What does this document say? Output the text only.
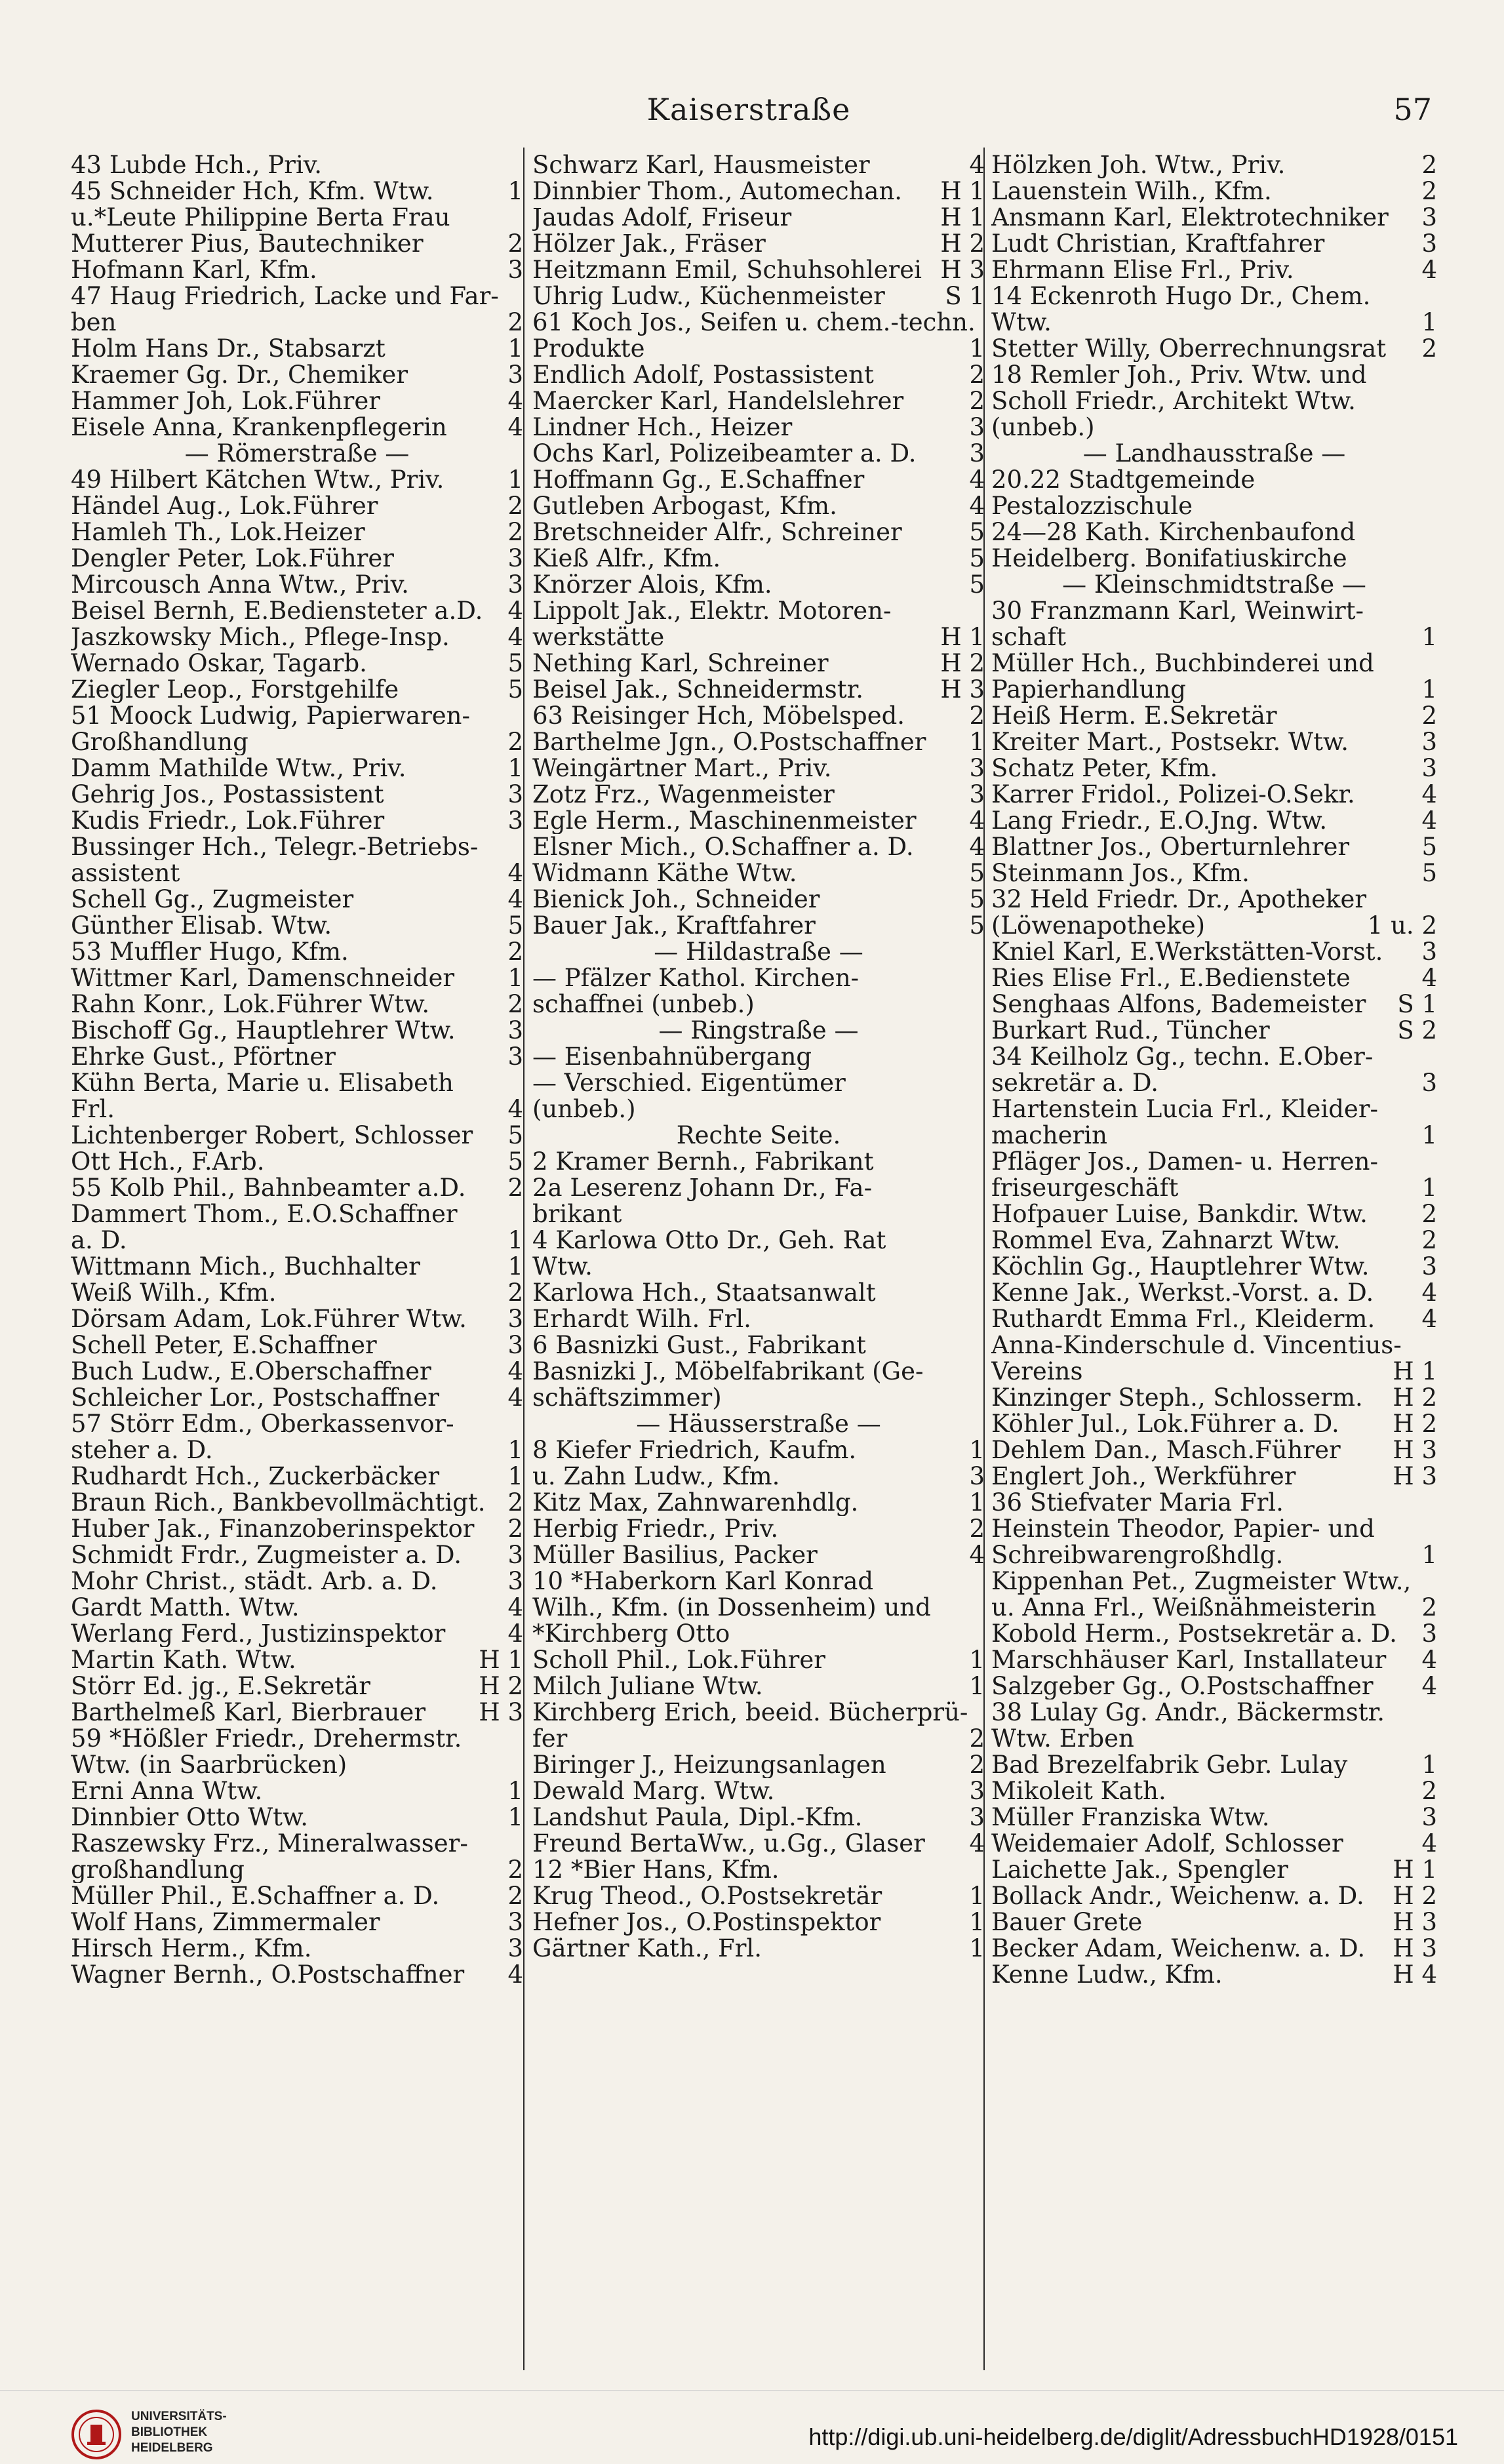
Kaiserstraße	57
43 Lubde Hch., Priv.
45 Schneider Hch, Kfm. Wtw.	1
u.*Leute Philippine Berta Frau
Mutterer Pius, Bautechniker	2
Hofmann Karl, Kfm.	3
47 Haug Friedrich, Lacke und Far-
ben	2
Holm Hans Dr., Stabsarzt	1
Kraemer Gg. Dr., Chemiker	3
Hammer Joh, Lok.Führer	4
Eisele Anna, Krankenpflegerin	4
— Römerstraße —
49 Hilbert Kätchen Wtw., Priv.	1
Händel Aug., Lok.Führer	2
Hamleh Th., Lok.Heizer	2
Dengler Peter, Lok.Führer	3
Mircousch Anna Wtw., Priv.	3
Beisel Bernh, E.Bediensteter a.D.	4
Jaszkowsky Mich., Pflege-Insp.	4
Wernado Oskar, Tagarb.	5
Ziegler Leop., Forstgehilfe	5
51 Moock Ludwig, Papierwaren-
Großhandlung	2
Damm Mathilde Wtw., Priv.	1
Gehrig Jos., Postassistent	3
Kudis Friedr., Lok.Führer	3
Bussinger Hch., Telegr.-Betriebs-
assistent	4
Schell Gg., Zugmeister	4
Günther Elisab. Wtw.	5
53 Muffler Hugo, Kfm.	2
Wittmer Karl, Damenschneider	1
Rahn Konr., Lok.Führer Wtw.	2
Bischoff Gg., Hauptlehrer Wtw.	3
Ehrke Gust., Pförtner	3
Kühn Berta, Marie u. Elisabeth
Frl.	4
Lichtenberger Robert, Schlosser	5
Ott Hch., F.Arb.	5
55 Kolb Phil., Bahnbeamter a.D.	2
Dammert Thom., E.O.Schaffner
a. D.	1
Wittmann Mich., Buchhalter	1
Weiß Wilh., Kfm.	2
Dörsam Adam, Lok.Führer Wtw.	3
Schell Peter, E.Schaffner	3
Buch Ludw., E.Oberschaffner	4
Schleicher Lor., Postschaffner	4
57 Störr Edm., Oberkassenvor-
steher a. D.	1
Rudhardt Hch., Zuckerbäcker	1
Braun Rich., Bankbevollmächtigt. 2
Huber Jak., Finanzoberinspektor	2
Schmidt Frdr., Zugmeister a. D.	3
Mohr Christ., städt. Arb. a. D.	3
Gardt Matth. Wtw.	4
Werlang Ferd., Justizinspektor	4
Martin Kath. Wtw.	H 1
Störr Ed. jg., E.Sekretär	H 2
Barthelmeß Karl, Bierbrauer	H 3
59 *Hößler Friedr., Drehermstr.
Wtw. (in Saarbrücken)
Erni Anna Wtw.	1
Dinnbier Otto Wtw.	1
Raszewsky Frz., Mineralwasser-
großhandlung	2
Müller Phil., E.Schaffner a. D.	2
Wolf Hans, Zimmermaler	3
Hirsch Herm., Kfm.	3
Wagner Bernh., O.Postschaffner	4
Schwarz Karl, Hausmeister	4
Dinnbier Thom., Automechan.	H 1
Jaudas Adolf, Friseur	H 1
Hölzer Jak., Fräser	H 2
Heitzmann Emil, Schuhsohlerei H 3
Uhrig Ludw., Küchenmeister	S 1
61 Koch Jos., Seifen u. chem.-techn.
Produkte	1
Endlich Adolf, Postassistent	2
Maercker Karl, Handelslehrer	2
Lindner Hch., Heizer	3
Ochs Karl, Polizeibeamter a. D.	3
Hoffmann Gg., E.Schaffner	4
Gutleben Arbogast, Kfm.	4
Bretschneider Alfr., Schreiner	5
Kieß Alfr., Kfm.	5
Knörzer Alois, Kfm.	5
Lippolt Jak., Elektr. Motoren-
werkstätte	H 1
Nething Karl, Schreiner	H 2
Beisel Jak., Schneidermstr.	H 3
63 Reisinger Hch, Möbelsped.	2
Barthelme Jgn., O.Postschaffner	1
Weingärtner Mart., Priv.	3
Zotz Frz., Wagenmeister	3
Egle Herm., Maschinenmeister	4
Elsner Mich., O.Schaffner a. D.	4
Widmann Käthe Wtw.	5
Bienick Joh., Schneider	5
Bauer Jak., Kraftfahrer	5
— Hildastraße —
— Pfälzer Kathol. Kirchen-
schaffnei (unbeb.)
— Ringstraße —
— Eisenbahnübergang
— Verschied. Eigentümer
(unbeb.)
Rechte Seite.
2 Kramer Bernh., Fabrikant
2a Leserenz Johann Dr., Fa-
brikant
4 Karlowa Otto Dr., Geh. Rat
Wtw.
Karlowa Hch., Staatsanwalt
Erhardt Wilh. Frl.
6 Basnizki Gust., Fabrikant
Basnizki J., Möbelfabrikant (Ge-
schäftszimmer)
— Häusserstraße —
8 Kiefer Friedrich, Kaufm.	1
u. Zahn Ludw., Kfm.	3
Kitz Max, Zahnwarenhdlg.	1
Herbig Friedr., Priv.	2
Müller Basilius, Packer	4
10 *Haberkorn Karl Konrad
Wilh., Kfm. (in Dossenheim) und
*Kirchberg Otto
Scholl Phil., Lok.Führer	1
Milch Juliane Wtw.	1
Kirchberg Erich, beeid. Bücherprü-
fer	2
Biringer J., Heizungsanlagen	2
Dewald Marg. Wtw.	3
Landshut Paula, Dipl.-Kfm.	3
Freund BertaWw., u.Gg., Glaser	4
12 *Bier Hans, Kfm.
Krug Theod., O.Postsekretär	1
Hefner Jos., O.Postinspektor	1
Gärtner Kath., Frl.	1
Hölzken Joh. Wtw., Priv.	2
Lauenstein Wilh., Kfm.	2
Ansmann Karl, Elektrotechniker	3
Ludt Christian, Kraftfahrer	3
Ehrmann Elise Frl., Priv.	4
14 Eckenroth Hugo Dr., Chem.
Wtw.	1
Stetter Willy, Oberrechnungsrat	2
18 Remler Joh., Priv. Wtw. und
Scholl Friedr., Architekt Wtw.
(unbeb.)
— Landhausstraße —
20.22 Stadtgemeinde
Pestalozzischule
24—28 Kath. Kirchenbaufond
Heidelberg. Bonifatiuskirche
— Kleinschmidtstraße —
30 Franzmann Karl, Weinwirt-
schaft	1
Müller Hch., Buchbinderei und
Papierhandlung	1
Heiß Herm. E.Sekretär	2
Kreiter Mart., Postsekr. Wtw.	3
Schatz Peter, Kfm.	3
Karrer Fridol., Polizei-O.Sekr.	4
Lang Friedr., E.O.Jng. Wtw.	4
Blattner Jos., Oberturnlehrer	5
Steinmann Jos., Kfm.	5
32 Held Friedr. Dr., Apotheker
(Löwenapotheke)	1 u. 2
Kniel Karl, E.Werkstätten-Vorst.	3
Ries Elise Frl., E.Bedienstete	4
Senghaas Alfons, Bademeister	S 1
Burkart Rud., Tüncher	S 2
34 Keilholz Gg., techn. E.Ober-
sekretär a. D.	3
Hartenstein Lucia Frl., Kleider-
macherin	1
Pfläger Jos., Damen- u. Herren-
friseurgeschäft	1
Hofpauer Luise, Bankdir. Wtw.	2
Rommel Eva, Zahnarzt Wtw.	2
Köchlin Gg., Hauptlehrer Wtw.	3
Kenne Jak., Werkst.-Vorst. a. D.	4
Ruthardt Emma Frl., Kleiderm.	4
Anna-Kinderschule d. Vincentius-
Vereins	H 1
Kinzinger Steph., Schlosserm.	H 2
Köhler Jul., Lok.Führer a. D.	H 2
Dehlem Dan., Masch.Führer	H 3
Englert Joh., Werkführer	H 3
36 Stiefvater Maria Frl.
Heinstein Theodor, Papier- und
Schreibwarengroßhdlg.	1
Kippenhan Pet., Zugmeister Wtw.,
u. Anna Frl., Weißnähmeisterin	2
Kobold Herm., Postsekretär a. D.	3
Marschhäuser Karl, Installateur	4
Salzgeber Gg., O.Postschaffner	4
38 Lulay Gg. Andr., Bäckermstr.
Wtw. Erben
Bad Brezelfabrik Gebr. Lulay	1
Mikoleit Kath.	2
Müller Franziska Wtw.	3
Weidemaier Adolf, Schlosser	4
Laichette Jak., Spengler	H 1
Bollack Andr., Weichenw. a. D.	H 2
Bauer Grete	H 3
Becker Adam, Weichenw. a. D.	H 3
Kenne Ludw., Kfm.	H 4
UNIVERSITÄTS-
BIBLIOTHEK
HEIDELBERG	http://digi.ub.uni-heidelberg.de/diglit/AdressbuchHD1928/0151
